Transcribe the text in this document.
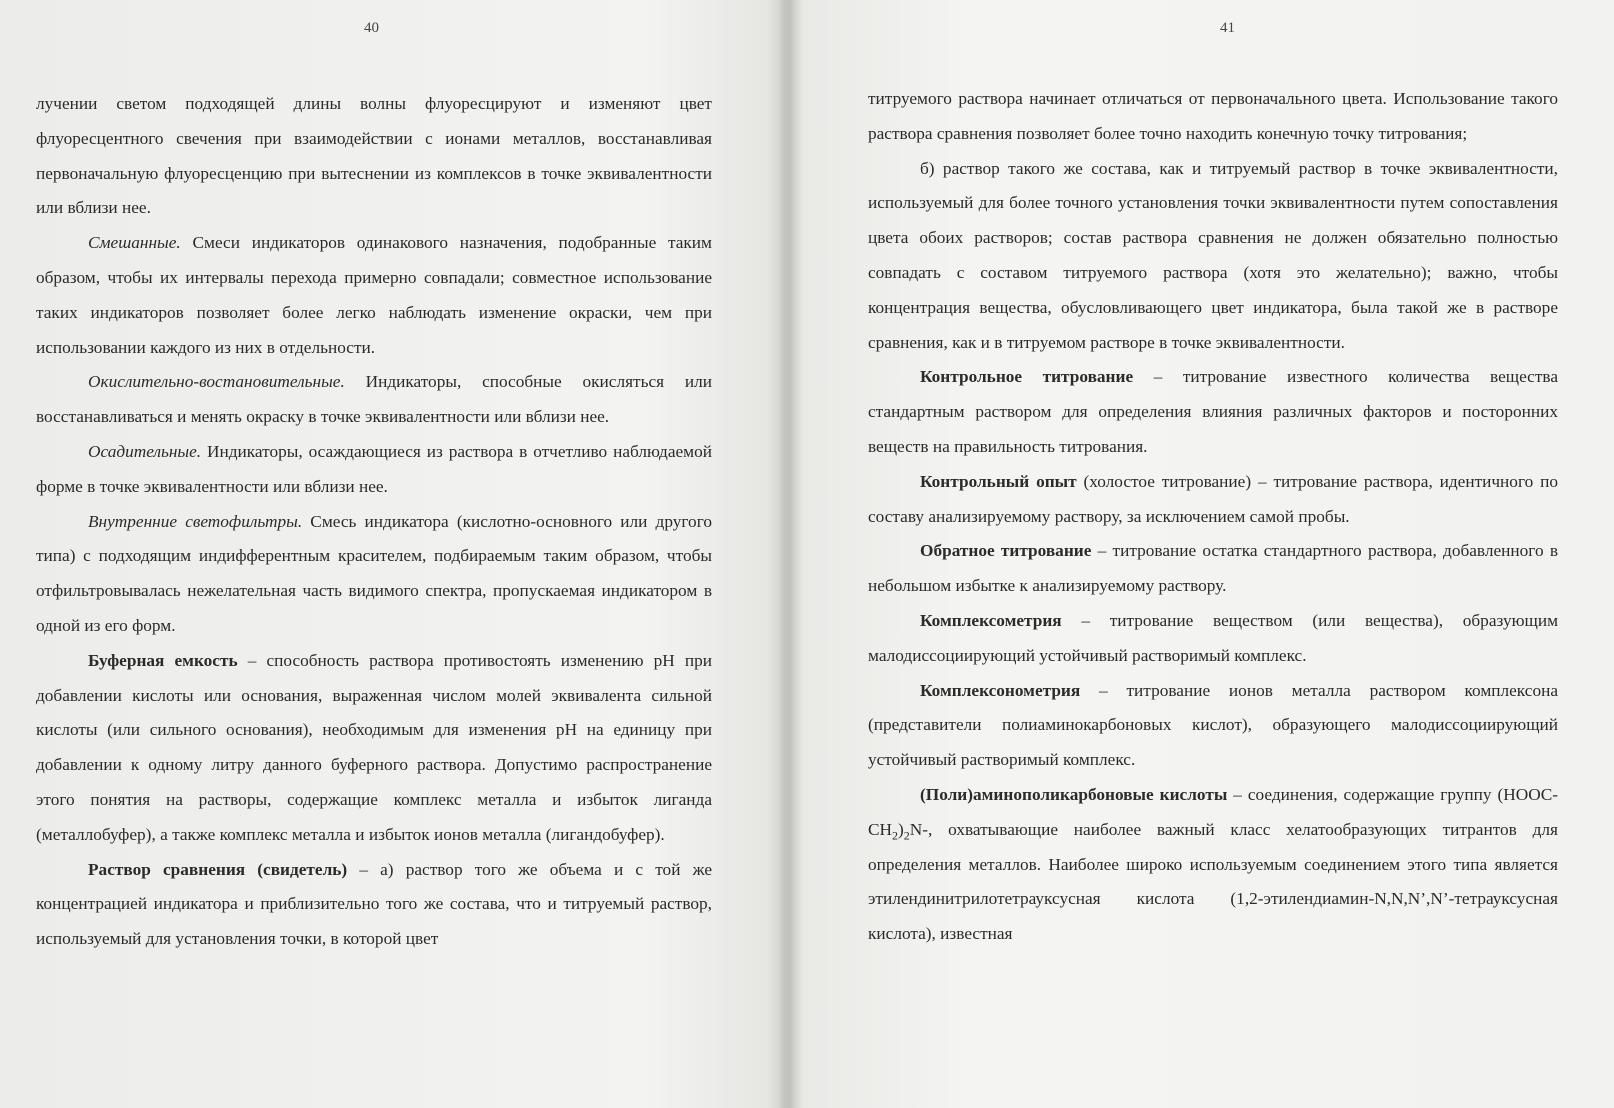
40

лучении светом подходящей длины волны флуоресцируют и изменяют цвет флуоресцентного свечения при взаимодействии с ионами металлов, восстанавливая первоначальную флуоресценцию при вытеснении из комплексов в точке эквивалентности или вблизи нее.

Смешанные. Смеси индикаторов одинакового назначения, подобранные таким образом, чтобы их интервалы перехода примерно совпадали; совместное использование таких индикаторов позволяет более легко наблюдать изменение окраски, чем при использовании каждого из них в отдельности.

Окислительно-востановительные. Индикаторы, способные окисляться или восстанавливаться и менять окраску в точке эквивалентности или вблизи нее.

Осадительные. Индикаторы, осаждающиеся из раствора в отчетливо наблюдаемой форме в точке эквивалентности или вблизи нее.

Внутренние светофильтры. Смесь индикатора (кислотно-основного или другого типа) с подходящим индифферентным красителем, подбираемым таким образом, чтобы отфильтровывалась нежелательная часть видимого спектра, пропускаемая индикатором в одной из его форм.

Буферная емкость – способность раствора противостоять изменению pH при добавлении кислоты или основания, выраженная числом молей эквивалента сильной кислоты (или сильного основания), необходимым для изменения pH на единицу при добавлении к одному литру данного буферного раствора. Допустимо распространение этого понятия на растворы, содержащие комплекс металла и избыток лиганда (металлобуфер), а также комплекс металла и избыток ионов металла (лигандобуфер).

Раствор сравнения (свидетель) – а) раствор того же объема и с той же концентрацией индикатора и приблизительно того же состава, что и титруемый раствор, используемый для установления точки, в которой цвет

41

титруемого раствора начинает отличаться от первоначального цвета. Использование такого раствора сравнения позволяет более точно находить конечную точку титрования;

б) раствор такого же состава, как и титруемый раствор в точке эквивалентности, используемый для более точного установления точки эквивалентности путем сопоставления цвета обоих растворов; состав раствора сравнения не должен обязательно полностью совпадать с составом титруемого раствора (хотя это желательно); важно, чтобы концентрация вещества, обусловливающего цвет индикатора, была такой же в растворе сравнения, как и в титруемом растворе в точке эквивалентности.

Контрольное титрование – титрование известного количества вещества стандартным раствором для определения влияния различных факторов и посторонних веществ на правильность титрования.

Контрольный опыт (холостое титрование) – титрование раствора, идентичного по составу анализируемому раствору, за исключением самой пробы.

Обратное титрование – титрование остатка стандартного раствора, добавленного в небольшом избытке к анализируемому раствору.

Комплексометрия – титрование веществом (или вещества), образующим малодиссоциирующий устойчивый растворимый комплекс.

Комплексонометрия – титрование ионов металла раствором комплексона (представители полиаминокарбоновых кислот), образующего малодиссоциирующий устойчивый растворимый комплекс.

(Поли)аминополикарбоновые кислоты – соединения, содержащие группу $(HOOC-CH_2)_2N-$, охватывающие наиболее важный класс хелатообразующих титрантов для определения металлов. Наиболее широко используемым соединением этого типа является этилендинитрилотетрауксусная кислота (1,2-этилендиамин-N,N,N’,N’-тетрауксусная кислота), известная
